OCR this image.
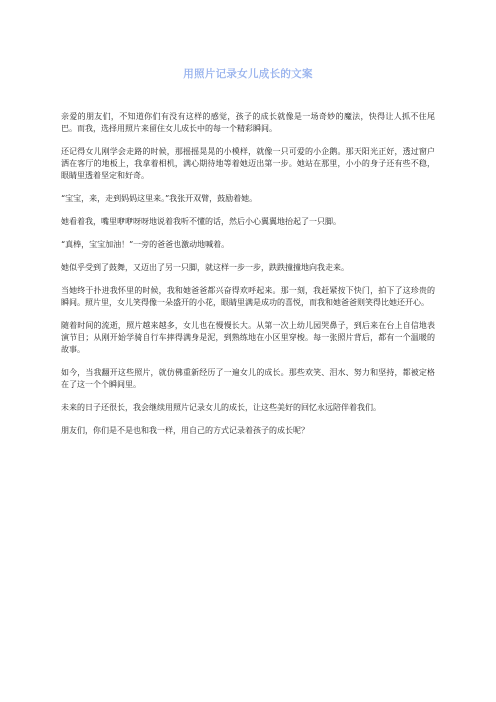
用照片记录女儿成长的文案

亲爱的朋友们，不知道你们有没有这样的感觉，孩子的成长就像是一场奇妙的魔法，快得让人抓不住尾巴。而我，选择用照片来留住女儿成长中的每一个精彩瞬间。

还记得女儿刚学会走路的时候，那摇摇晃晃的小模样，就像一只可爱的小企鹅。那天阳光正好，透过窗户洒在客厅的地板上，我拿着相机，满心期待地等着她迈出第一步。她站在那里，小小的身子还有些不稳，眼睛里透着坚定和好奇。

“宝宝，来，走到妈妈这里来。”我张开双臂，鼓励着她。

她看着我，嘴里咿咿呀呀地说着我听不懂的话，然后小心翼翼地抬起了一只脚。

“真棒，宝宝加油！”一旁的爸爸也激动地喊着。

她似乎受到了鼓舞，又迈出了另一只脚，就这样一步一步，跌跌撞撞地向我走来。

当她终于扑进我怀里的时候，我和她爸爸都兴奋得欢呼起来。那一刻，我赶紧按下快门，拍下了这珍贵的瞬间。照片里，女儿笑得像一朵盛开的小花，眼睛里满是成功的喜悦，而我和她爸爸则笑得比她还开心。

随着时间的流逝，照片越来越多，女儿也在慢慢长大。从第一次上幼儿园哭鼻子，到后来在台上自信地表演节目；从刚开始学骑自行车摔得满身是泥，到熟练地在小区里穿梭。每一张照片背后，都有一个温暖的故事。

如今，当我翻开这些照片，就仿佛重新经历了一遍女儿的成长。那些欢笑、泪水、努力和坚持，都被定格在了这一个个瞬间里。

未来的日子还很长，我会继续用照片记录女儿的成长，让这些美好的回忆永远陪伴着我们。

朋友们，你们是不是也和我一样，用自己的方式记录着孩子的成长呢？
